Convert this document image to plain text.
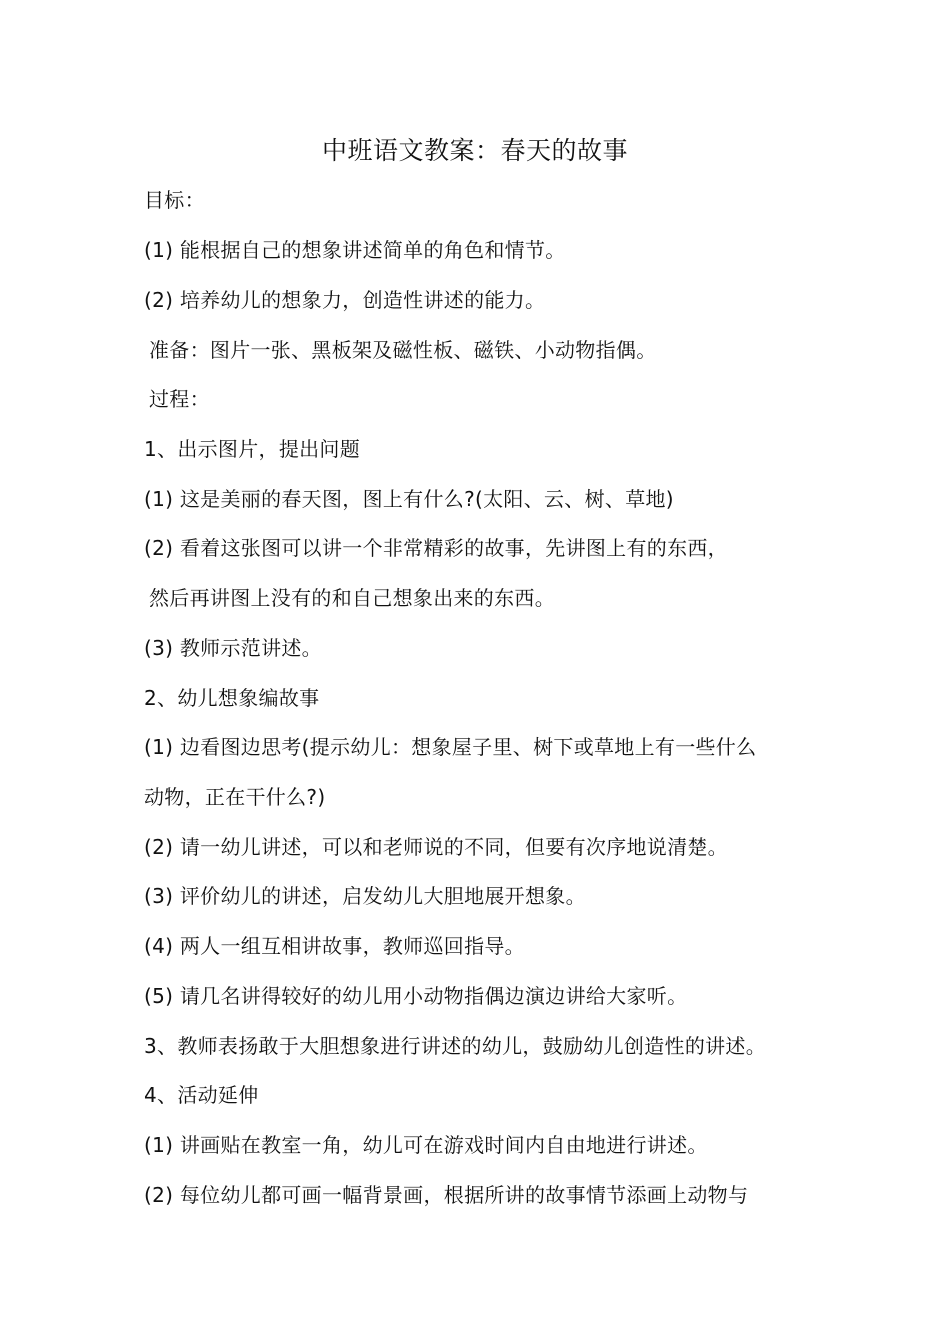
中班语文教案：春天的故事
目标：
(1) 能根据自己的想象讲述简单的角色和情节。
(2) 培养幼儿的想象力，创造性讲述的能力。
准备：图片一张、黑板架及磁性板、磁铁、小动物指偶。
过程：
1、出示图片，提出问题
(1) 这是美丽的春天图，图上有什么?(太阳、云、树、草地)
(2) 看着这张图可以讲一个非常精彩的故事，先讲图上有的东西，
然后再讲图上没有的和自己想象出来的东西。
(3) 教师示范讲述。
2、幼儿想象编故事
(1) 边看图边思考(提示幼儿：想象屋子里、树下或草地上有一些什么
动物，正在干什么?)
(2) 请一幼儿讲述，可以和老师说的不同，但要有次序地说清楚。
(3) 评价幼儿的讲述，启发幼儿大胆地展开想象。
(4) 两人一组互相讲故事，教师巡回指导。
(5) 请几名讲得较好的幼儿用小动物指偶边演边讲给大家听。
3、教师表扬敢于大胆想象进行讲述的幼儿，鼓励幼儿创造性的讲述。
4、活动延伸
(1) 讲画贴在教室一角，幼儿可在游戏时间内自由地进行讲述。
(2) 每位幼儿都可画一幅背景画，根据所讲的故事情节添画上动物与
